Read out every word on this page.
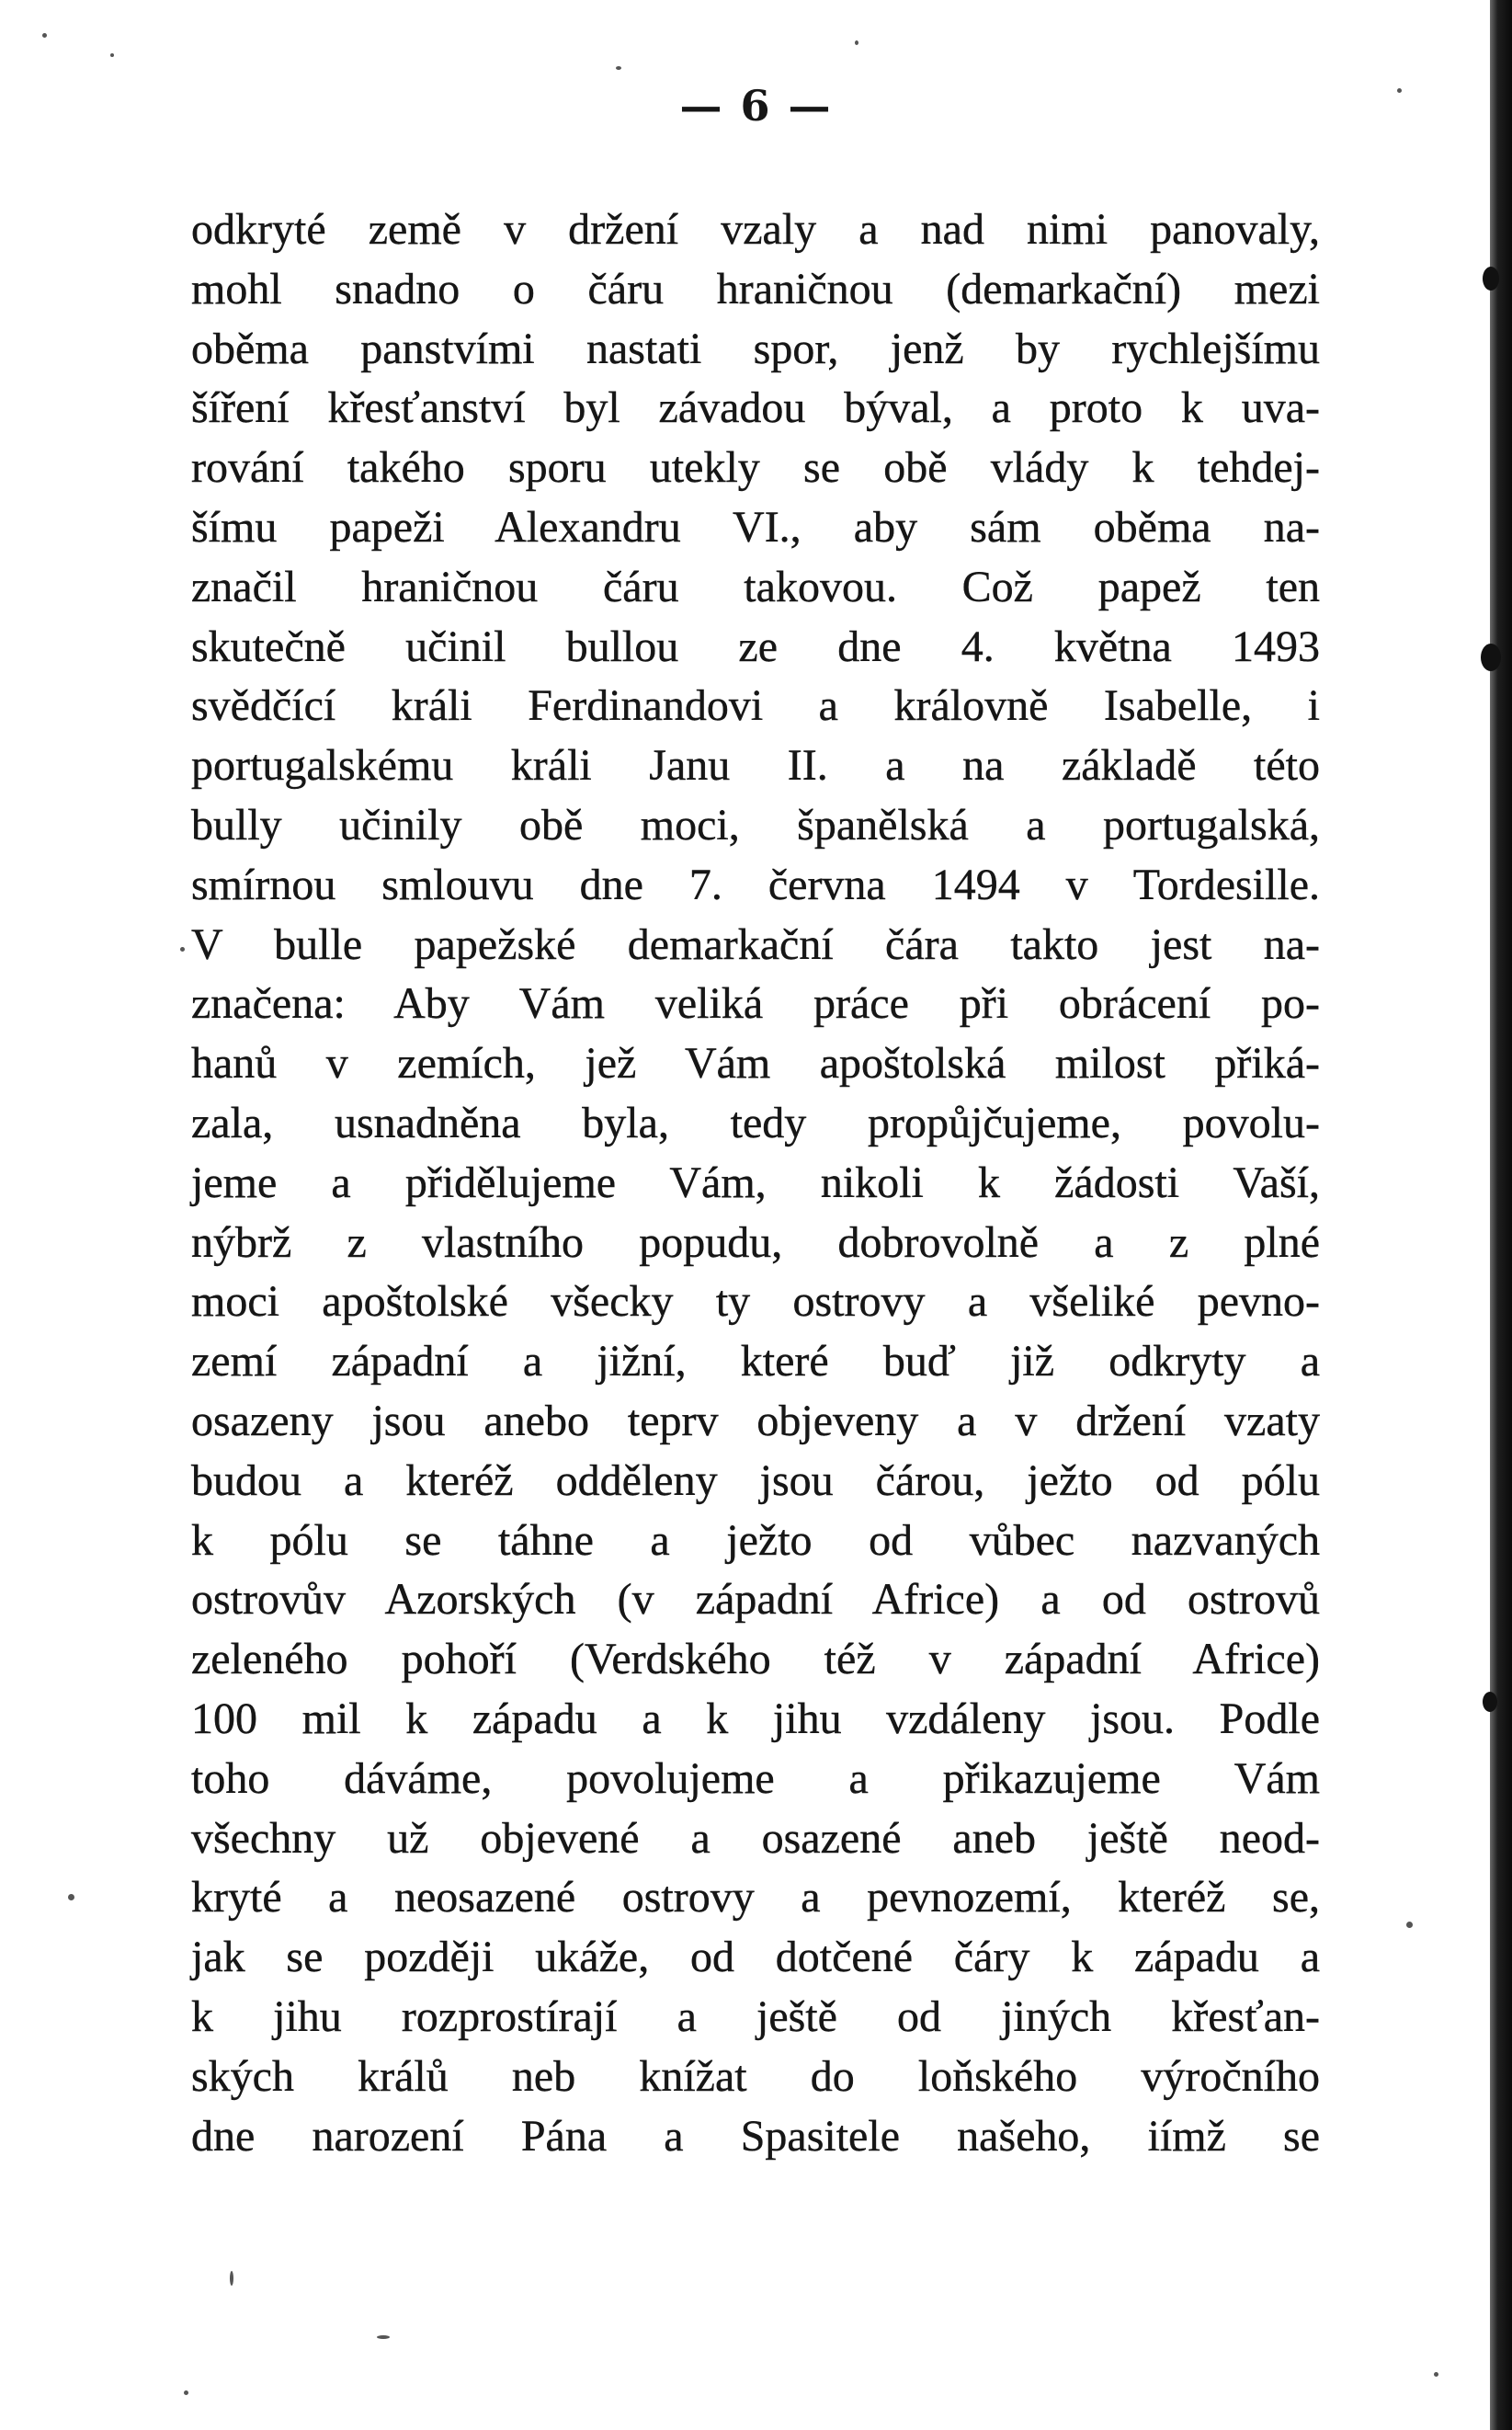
— 6 —
odkryté země v držení vzaly a nad nimi panovaly,
mohl snadno o čáru hraničnou (demarkační) mezi
oběma panstvími nastati spor, jenž by rychlejšímu
šíření křesťanství byl závadou býval, a proto k uva-
rování takého sporu utekly se obě vlády k tehdej-
šímu papeži Alexandru VI., aby sám oběma na-
značil hraničnou čáru takovou. Což papež ten
skutečně učinil bullou ze dne 4. května 1493
svědčící králi Ferdinandovi a královně Isabelle, i
portugalskému králi Janu II. a na základě této
bully učinily obě moci, španělská a portugalská,
smírnou smlouvu dne 7. června 1494 v Tordesille.
V bulle papežské demarkační čára takto jest na-
značena: Aby Vám veliká práce při obrácení po-
hanů v zemích, jež Vám apoštolská milost přiká-
zala, usnadněna byla, tedy propůjčujeme, povolu-
jeme a přidělujeme Vám, nikoli k žádosti Vaší,
nýbrž z vlastního popudu, dobrovolně a z plné
moci apoštolské všecky ty ostrovy a všeliké pevno-
zemí západní a jižní, které buď již odkryty a
osazeny jsou anebo teprv objeveny a v držení vzaty
budou a kteréž odděleny jsou čárou, ježto od pólu
k pólu se táhne a ježto od vůbec nazvaných
ostrovův Azorských (v západní Africe) a od ostrovů
zeleného pohoří (Verdského též v západní Africe)
100 mil k západu a k jihu vzdáleny jsou. Podle
toho dáváme, povolujeme a přikazujeme Vám
všechny už objevené a osazené aneb ještě neod-
kryté a neosazené ostrovy a pevnozemí, kteréž se,
jak se později ukáže, od dotčené čáry k západu a
k jihu rozprostírají a ještě od jiných křesťan-
ských králů neb knížat do loňského výročního
dne narození Pána a Spasitele našeho, iímž se
